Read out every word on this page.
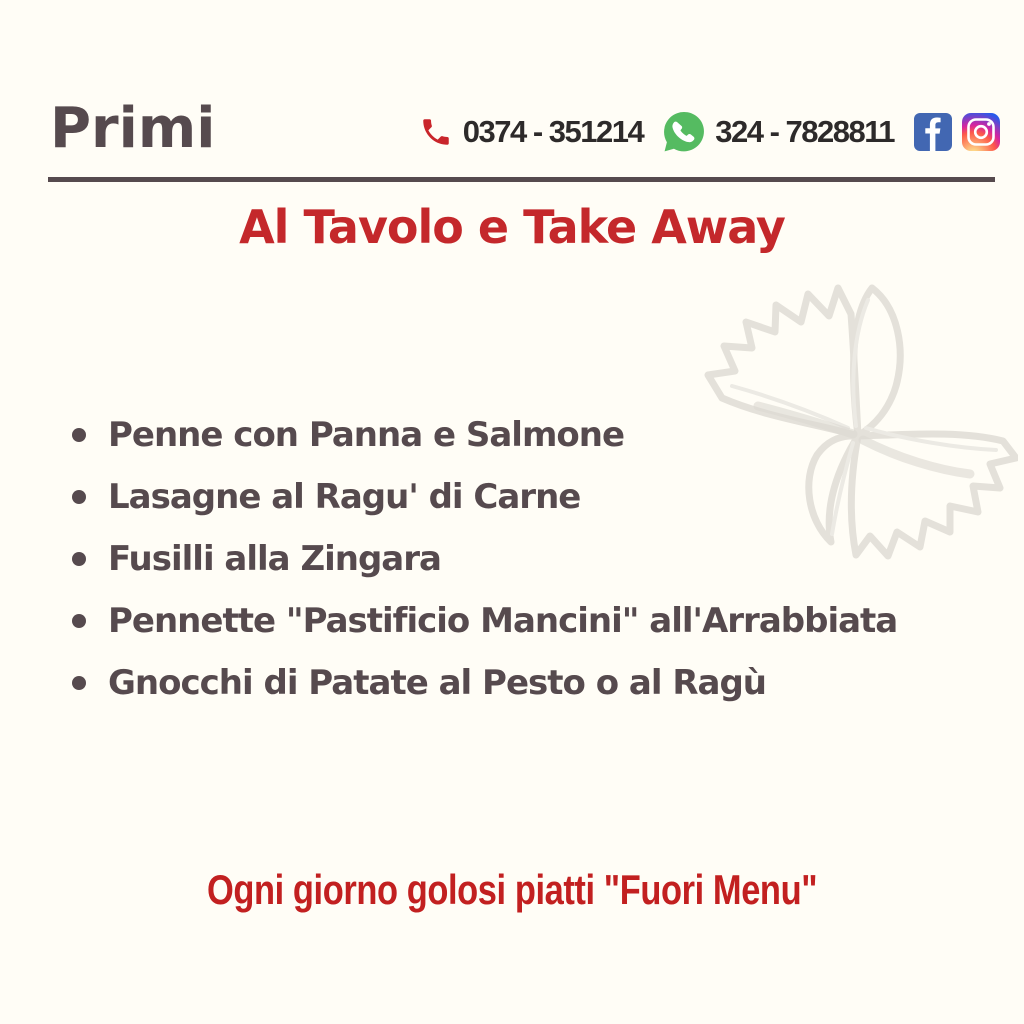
Primi	0374 - 351214 324 - 7828811
Al Tavolo e Take Away
Penne con Panna e Salmone
Lasagne al Ragu' di Carne
Fusilli alla Zingara
Pennette "Pastificio Mancini" all'Arrabbiata
Gnocchi di Patate al Pesto o al Ragù
Ogni giorno golosi piatti "Fuori Menu"
